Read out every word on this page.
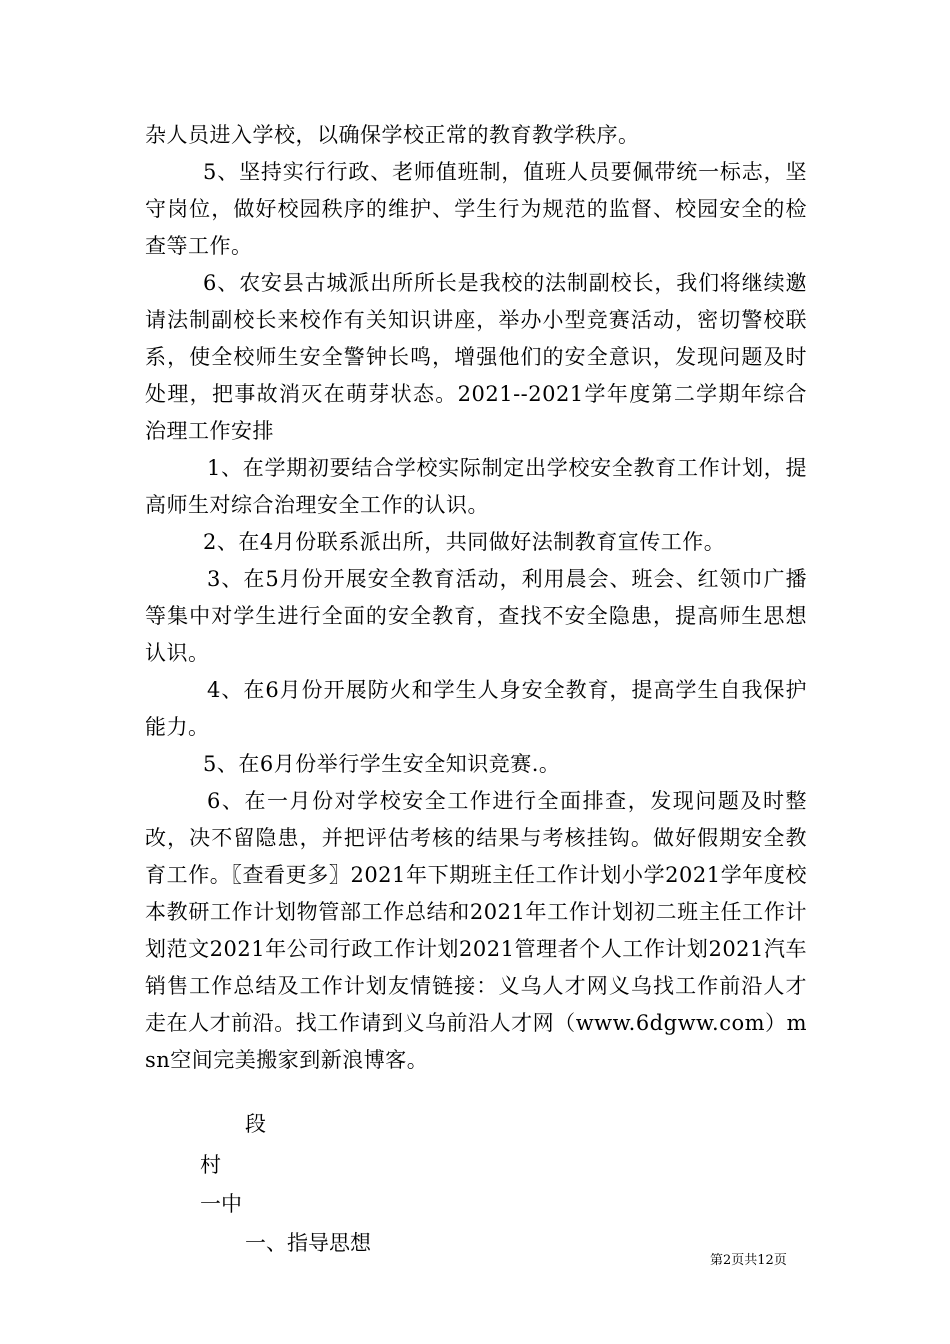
杂人员进入学校，以确保学校正常的教育教学秩序。

5、坚持实行行政、老师值班制，值班人员要佩带统一标志，坚守岗位，做好校园秩序的维护、学生行为规范的监督、校园安全的检查等工作。

6、农安县古城派出所所长是我校的法制副校长，我们将继续邀请法制副校长来校作有关知识讲座，举办小型竞赛活动，密切警校联系，使全校师生安全警钟长鸣，增强他们的安全意识，发现问题及时处理，把事故消灭在萌芽状态。2021--2021学年度第二学期年综合治理工作安排

1、在学期初要结合学校实际制定出学校安全教育工作计划，提高师生对综合治理安全工作的认识。

2、在4月份联系派出所，共同做好法制教育宣传工作。

3、在5月份开展安全教育活动，利用晨会、班会、红领巾广播等集中对学生进行全面的安全教育，查找不安全隐患，提高师生思想认识。

4、在6月份开展防火和学生人身安全教育，提高学生自我保护能力。

5、在6月份举行学生安全知识竞赛.。

6、在一月份对学校安全工作进行全面排查，发现问题及时整改，决不留隐患，并把评估考核的结果与考核挂钩。做好假期安全教育工作。〖查看更多〗2021年下期班主任工作计划小学2021学年度校本教研工作计划物管部工作总结和2021年工作计划初二班主任工作计划范文2021年公司行政工作计划2021管理者个人工作计划2021汽车销售工作总结及工作计划友情链接：义乌人才网义乌找工作前沿人才走在人才前沿。找工作请到义乌前沿人才网（www.6dgww.com）msn空间完美搬家到新浪博客。

段
村
一中
一、指导思想
第2页共12页
